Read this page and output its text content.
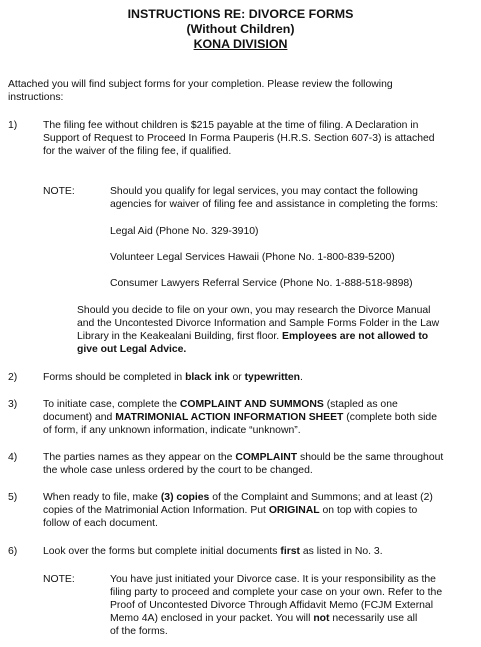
INSTRUCTIONS RE: DIVORCE FORMS
(Without Children)
KONA DIVISION
Attached you will find subject forms for your completion. Please review the following
instructions:
1) The filing fee without children is $215 payable at the time of filing. A Declaration in
Support of Request to Proceed In Forma Pauperis (H.R.S. Section 607-3) is attached
for the waiver of the filing fee, if qualified.
NOTE:	Should you qualify for legal services, you may contact the following
agencies for waiver of filing fee and assistance in completing the forms:
Legal Aid (Phone No. 329-3910)
Volunteer Legal Services Hawaii (Phone No. 1-800-839-5200)
Consumer Lawyers Referral Service (Phone No. 1-888-518-9898)
Should you decide to file on your own, you may research the Divorce Manual
and the Uncontested Divorce Information and Sample Forms Folder in the Law
Library in the Keakealani Building, first floor. Employees are not allowed to
give out Legal Advice.
2) Forms should be completed in black ink or typewritten.
3) To initiate case, complete the COMPLAINT AND SUMMONS (stapled as one
document) and MATRIMONIAL ACTION INFORMATION SHEET (complete both side
of form, if any unknown information, indicate “unknown”.
4) The parties names as they appear on the COMPLAINT should be the same throughout
the whole case unless ordered by the court to be changed.
5) When ready to file, make (3) copies of the Complaint and Summons; and at least (2)
copies of the Matrimonial Action Information. Put ORIGINAL on top with copies to
follow of each document.
6) Look over the forms but complete initial documents first as listed in No. 3.
NOTE:	You have just initiated your Divorce case. It is your responsibility as the
filing party to proceed and complete your case on your own. Refer to the
Proof of Uncontested Divorce Through Affidavit Memo (FCJM External
Memo 4A) enclosed in your packet. You will not necessarily use all
of the forms.
